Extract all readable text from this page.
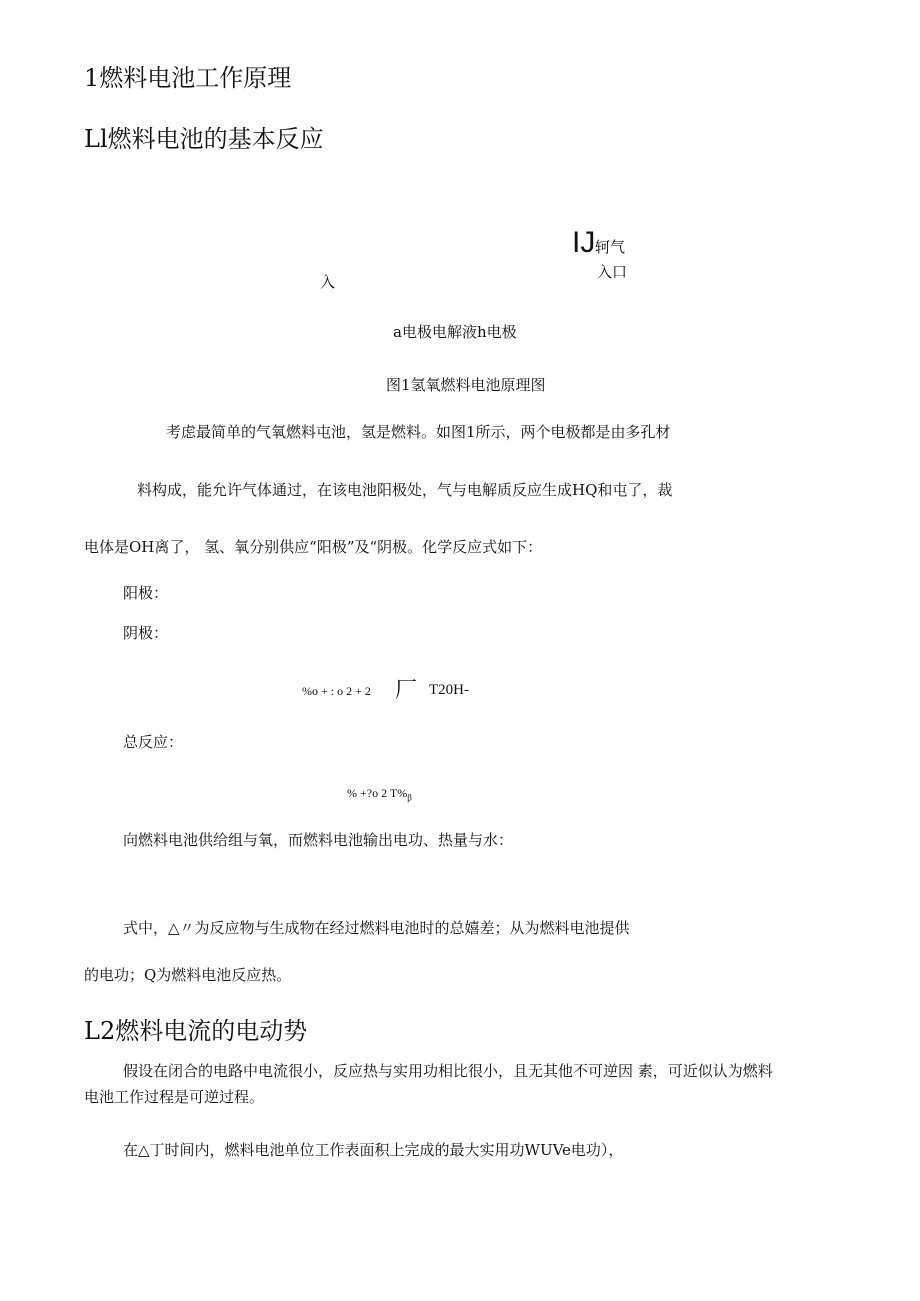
1燃料电池工作原理
Ll燃料电池的基本反应
IJ 轲气
入口
入
a电极电解液h电极
图1氢氧燃料电池原理图
考虑最简单的气氧燃料屯池，氢是燃料。如图1所示，两个电极都是由多孔材
料构成，能允许气体通过，在该电池阳极处，气与电解质反应生成HQ和屯了，裁
电体是OH离了， 氢、氧分别供应“阳极”及“阴极。化学反应式如下：
阳极：
阴极：
%o + : o 2 + 2 厂 T20H-
总反应：
% +?o 2 $T\%_\beta$
向燃料电池供给组与氧，而燃料电池输出电功、热量与水：
式中，△〃为反应物与生成物在经过燃料电池时的总嬉差；从为燃料电池提供
的电功；Q为燃料电池反应热。
L2燃料电流的电动势
假设在闭合的电路中电流很小，反应热与实用功相比很小，且无其他不可逆因 素，可近似认为燃料
电池工作过程是可逆过程。
在△丁时间内，燃料电池单位工作表面积上完成的最大实用功WUVe电功），
